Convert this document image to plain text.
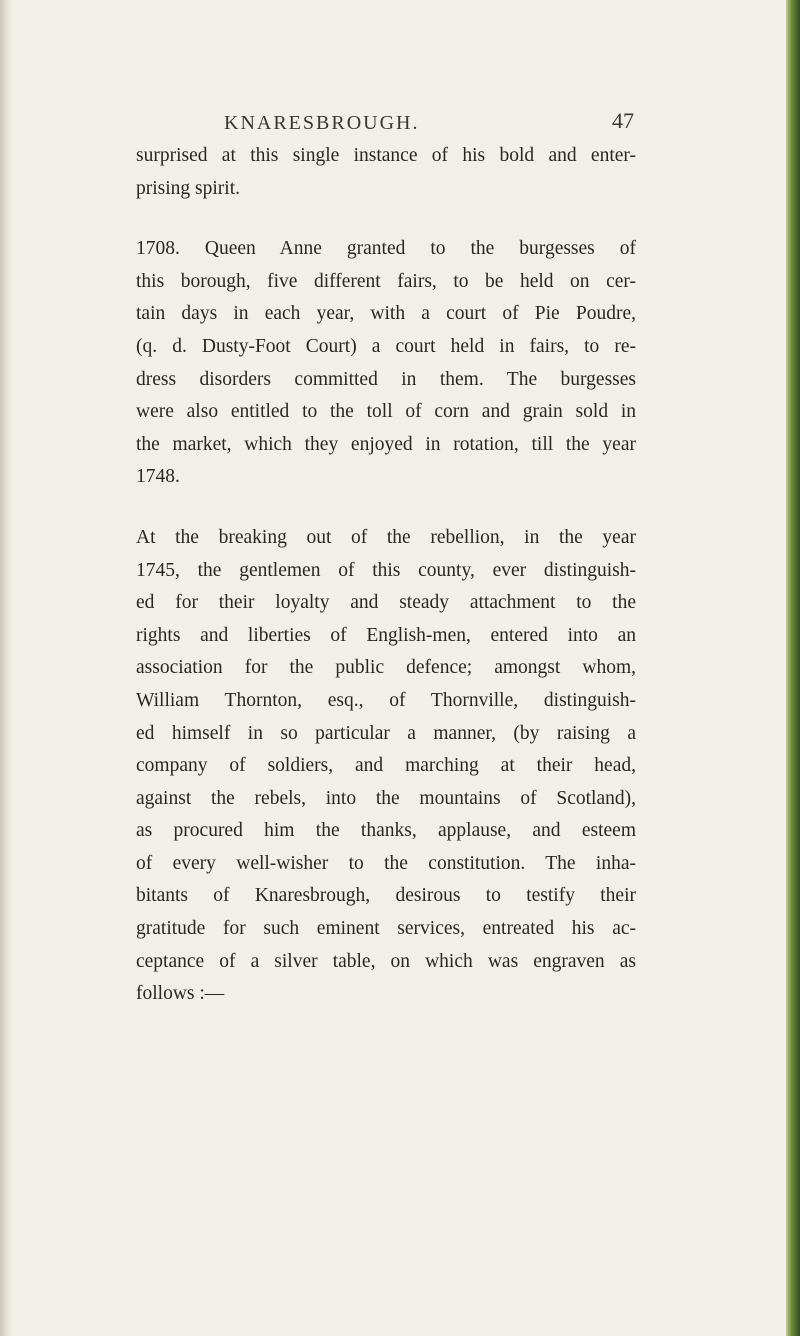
KNARESBROUGH.	47
surprised at this single instance of his bold and enter-
prising spirit.
1708. Queen Anne granted to the burgesses of
this borough, five different fairs, to be held on cer-
tain days in each year, with a court of Pie Poudre,
(q. d. Dusty-Foot Court) a court held in fairs, to re-
dress disorders committed in them. The burgesses
were also entitled to the toll of corn and grain sold in
the market, which they enjoyed in rotation, till the year
1748.
At the breaking out of the rebellion, in the year
1745, the gentlemen of this county, ever distinguish-
ed for their loyalty and steady attachment to the
rights and liberties of English-men, entered into an
association for the public defence; amongst whom,
William Thornton, esq., of Thornville, distinguish-
ed himself in so particular a manner, (by raising a
company of soldiers, and marching at their head,
against the rebels, into the mountains of Scotland),
as procured him the thanks, applause, and esteem
of every well-wisher to the constitution. The inha-
bitants of Knaresbrough, desirous to testify their
gratitude for such eminent services, entreated his ac-
ceptance of a silver table, on which was engraven as
follows :—
